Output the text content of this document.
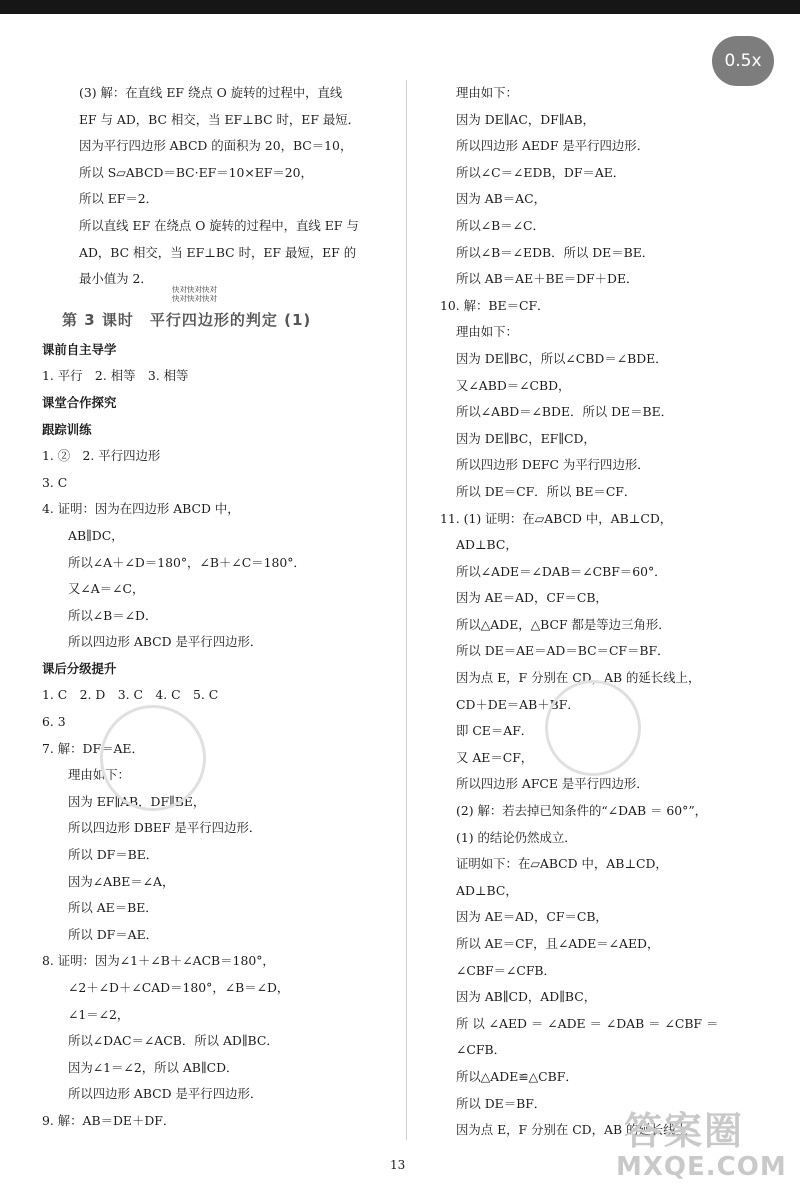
0.5x
(3) 解：在直线 EF 绕点 O 旋转的过程中，直线
EF 与 AD，BC 相交，当 EF⊥BC 时，EF 最短．
因为平行四边形 ABCD 的面积为 20，BC＝10，
所以 S▱ABCD＝BC·EF＝10×EF＝20，
所以 EF＝2．
所以直线 EF 在绕点 O 旋转的过程中，直线 EF 与
AD，BC 相交，当 EF⊥BC 时，EF 最短，EF 的
最小值为 2．
快对快对快对
快对快对快对
第 3 课时　平行四边形的判定 (1)
课前自主导学
1. 平行　2. 相等　3. 相等
课堂合作探究
跟踪训练
1. ②　2. 平行四边形
3. C
4. 证明：因为在四边形 ABCD 中，
AB∥DC，
所以∠A＋∠D＝180°，∠B＋∠C＝180°．
又∠A＝∠C，
所以∠B＝∠D．
所以四边形 ABCD 是平行四边形．
课后分级提升
1. C　2. D　3. C　4. C　5. C
6. 3
7. 解：DF＝AE．
理由如下：
因为 EF∥AB，DF∥BE，
所以四边形 DBEF 是平行四边形．
所以 DF＝BE．
因为∠ABE＝∠A，
所以 AE＝BE．
所以 DF＝AE．
8. 证明：因为∠1＋∠B＋∠ACB＝180°，
∠2＋∠D＋∠CAD＝180°，∠B＝∠D，
∠1＝∠2，
所以∠DAC＝∠ACB．所以 AD∥BC．
因为∠1＝∠2，所以 AB∥CD．
所以四边形 ABCD 是平行四边形．
9. 解：AB＝DE＋DF．
理由如下：
因为 DE∥AC，DF∥AB，
所以四边形 AEDF 是平行四边形．
所以∠C＝∠EDB，DF＝AE．
因为 AB＝AC，
所以∠B＝∠C．
所以∠B＝∠EDB．所以 DE＝BE．
所以 AB＝AE＋BE＝DF＋DE．
10. 解：BE＝CF．
理由如下：
因为 DE∥BC，所以∠CBD＝∠BDE．
又∠ABD＝∠CBD，
所以∠ABD＝∠BDE．所以 DE＝BE．
因为 DE∥BC，EF∥CD，
所以四边形 DEFC 为平行四边形．
所以 DE＝CF．所以 BE＝CF．
11. (1) 证明：在▱ABCD 中，AB⊥CD，
AD⊥BC，
所以∠ADE＝∠DAB＝∠CBF＝60°．
因为 AE＝AD，CF＝CB，
所以△ADE，△BCF 都是等边三角形．
所以 DE＝AE＝AD＝BC＝CF＝BF．
因为点 E，F 分别在 CD，AB 的延长线上，
CD＋DE＝AB＋BF．
即 CE＝AF．
又 AE＝CF，
所以四边形 AFCE 是平行四边形．
(2) 解：若去掉已知条件的“∠DAB ＝ 60°”，
(1) 的结论仍然成立．
证明如下：在▱ABCD 中，AB⊥CD，
AD⊥BC，
因为 AE＝AD，CF＝CB，
所以 AE＝CF，且∠ADE＝∠AED，
∠CBF＝∠CFB．
因为 AB∥CD，AD∥BC，
所 以 ∠AED ＝ ∠ADE ＝ ∠DAB ＝ ∠CBF ＝
∠CFB．
所以△ADE≌△CBF．
所以 DE＝BF．
因为点 E，F 分别在 CD，AB 的延长线上
13
答案圈
MXQE.COM
